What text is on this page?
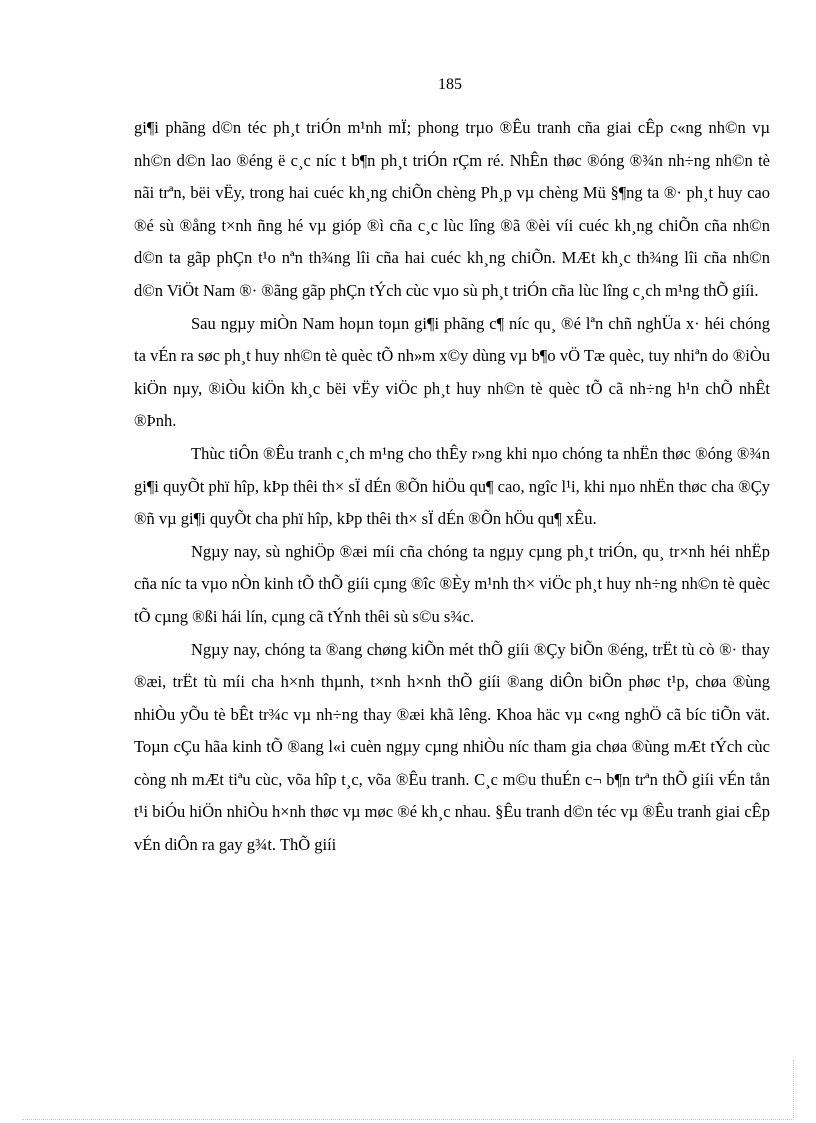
185

gi¶i phãng d©n téc ph¸t triÓn m¹nh mÏ; phong trµo ®Êu tranh cña giai cÊp c«ng nh©n vµ nh©n d©n lao ®éng ë c¸c níc t b¶n ph¸t triÓn rÇm ré. NhÊn thøc ®óng ®¾n nh÷ng nh©n tè nãi trªn, bëi vËy, trong hai cuéc kh¸ng chiÕn chèng Ph¸p vµ chèng Mü §¶ng ta ®· ph¸t huy cao ®é sù ®ång t×nh ñng hé vµ gióp ®ì cña c¸c lùc lîng ®ã ®èi víi cuéc kh¸ng chiÕn cña nh©n d©n ta gãp phÇn t¹o nªn th¾ng lîi cña hai cuéc kh¸ng chiÕn. MÆt kh¸c th¾ng lîi cña nh©n d©n ViÖt Nam ®· ®ãng gãp phÇn tÝch cùc vµo sù ph¸t triÓn cña lùc lîng c¸ch m¹ng thÕ giíi.

Sau ngµy miÒn Nam hoµn toµn gi¶i phãng c¶ níc qu¸ ®é lªn chñ nghÜa x· héi chóng ta vÉn ra søc ph¸t huy nh©n tè quèc tÕ nh»m x©y dùng vµ b¶o vÖ Tæ quèc, tuy nhiªn do ®iÒu kiÖn nµy, ®iÒu kiÖn kh¸c bëi vËy viÖc ph¸t huy nh©n tè quèc tÕ cã nh÷ng h¹n chÕ nhÊt ®Þnh.

Thùc tiÔn ®Êu tranh c¸ch m¹ng cho thÊy r»ng khi nµo chóng ta nhËn thøc ®óng ®¾n gi¶i quyÕt phï hîp, kÞp thêi th× sÏ dÉn ®Õn hiÖu qu¶ cao, ngîc l¹i, khi nµo nhËn thøc cha ®Çy ®ñ vµ gi¶i quyÕt cha phï hîp, kÞp thêi th× sÏ dÉn ®Õn hÖu qu¶ xÊu.

Ngµy nay, sù nghiÖp ®æi míi cña chóng ta ngµy cµng ph¸t triÓn, qu¸ tr×nh héi nhËp cña níc ta vµo nÒn kinh tÕ thÕ giíi cµng ®îc ®Èy m¹nh th× viÖc ph¸t huy nh÷ng nh©n tè quèc tÕ cµng ®ßi hái lín, cµng cã tÝnh thêi sù s©u s¾c.

Ngµy nay, chóng ta ®ang chøng kiÕn mét thÕ giíi ®Çy biÕn ®éng, trËt tù cò ®· thay ®æi, trËt tù míi cha h×nh thµnh, t×nh h×nh thÕ giíi ®ang diÔn biÕn phøc t¹p, chøa ®ùng nhiÒu yÕu tè bÊt tr¾c vµ nh÷ng thay ®æi khã lêng. Khoa häc vµ c«ng nghÖ cã bíc tiÕn vät. Toµn cÇu hãa kinh tÕ ®ang l«i cuèn ngµy cµng nhiÒu níc tham gia chøa ®ùng mÆt tÝch cùc còng nh mÆt tiªu cùc, võa hîp t¸c, võa ®Êu tranh. C¸c m©u thuÉn c¬ b¶n trªn thÕ giíi vÉn tån t¹i biÓu hiÖn nhiÒu h×nh thøc vµ møc ®é kh¸c nhau. §Êu tranh d©n téc vµ ®Êu tranh giai cÊp vÉn diÔn ra gay g¾t. ThÕ giíi
